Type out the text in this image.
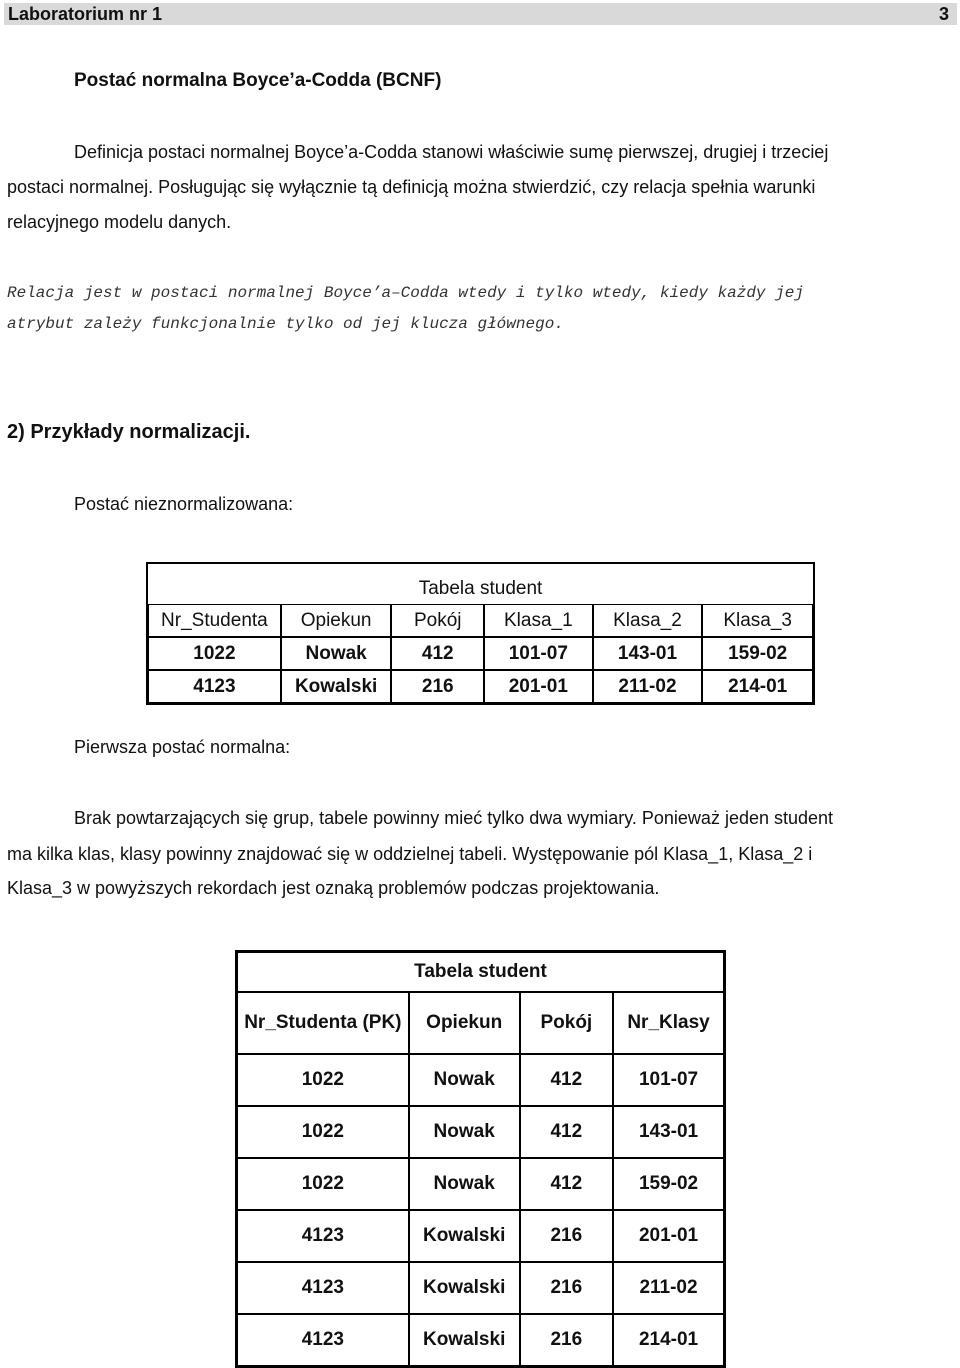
Laboratorium nr 1	3
Postać normalna Boyce’a-Codda (BCNF)
Definicja postaci normalnej Boyce’a-Codda stanowi właściwie sumę pierwszej, drugiej i trzeciej
postaci normalnej. Posługując się wyłącznie tą definicją można stwierdzić, czy relacja spełnia warunki
relacyjnego modelu danych.
Relacja jest w postaci normalnej Boyce’a–Codda wtedy i tylko wtedy, kiedy każdy jej
atrybut zależy funkcjonalnie tylko od jej klucza głównego.
2) Przykłady normalizacji.
Postać nieznormalizowana:
Tabela student					
Nr_Studenta	Opiekun	Pokój	Klasa_1	Klasa_2	Klasa_3
1022	Nowak	412	101-07	143-01	159-02
4123	Kowalski	216	201-01	211-02	214-01
Pierwsza postać normalna:
Brak powtarzających się grup, tabele powinny mieć tylko dwa wymiary. Ponieważ jeden student
ma kilka klas, klasy powinny znajdować się w oddzielnej tabeli. Występowanie pól Klasa_1, Klasa_2 i
Klasa_3 w powyższych rekordach jest oznaką problemów podczas projektowania.
Tabela student			
Nr_Studenta (PK)	Opiekun	Pokój	Nr_Klasy
1022	Nowak	412	101-07
1022	Nowak	412	143-01
1022	Nowak	412	159-02
4123	Kowalski	216	201-01
4123	Kowalski	216	211-02
4123	Kowalski	216	214-01
